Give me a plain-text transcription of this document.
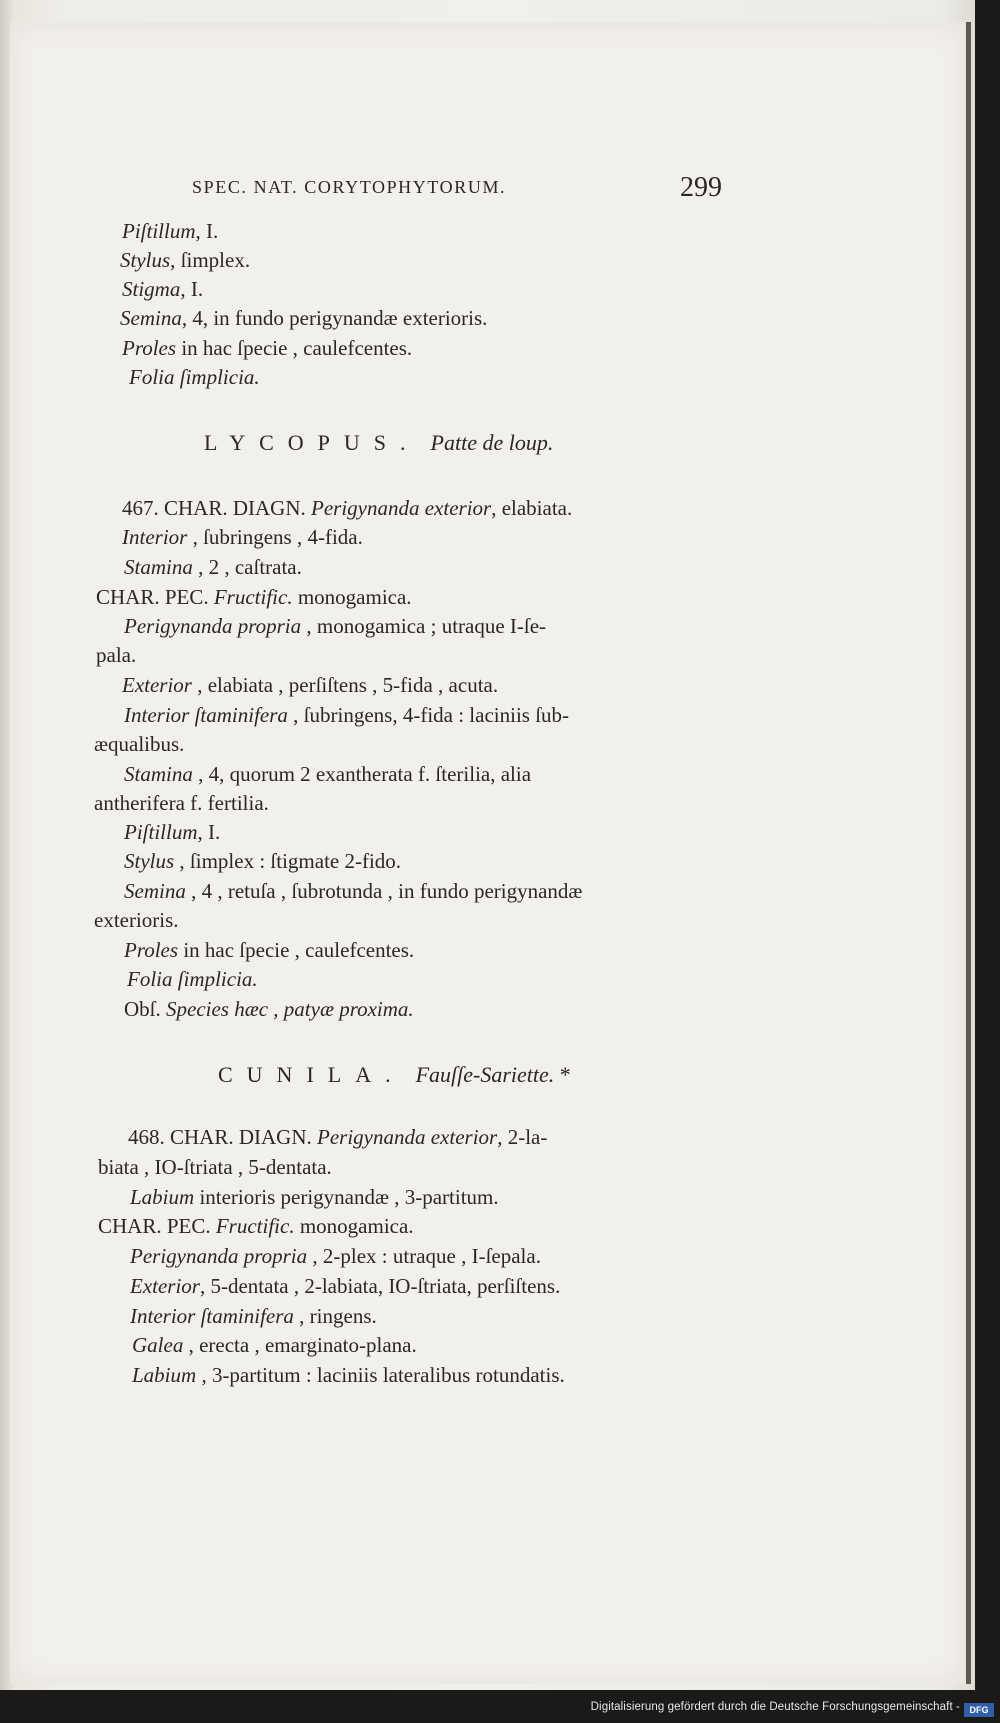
SPEC. NAT. CORYTOPHYTORUM.	299
Piſtillum, I.
Stylus, ſimplex.
Stigma, I.
Semina, 4, in fundo perigynandæ exterioris.
Proles in hac ſpecie , caulefcentes.
Folia ſimplicia.
LYCOPUS. Patte de loup.
467. CHAR. DIAGN. Perigynanda exterior, elabiata.
Interior , ſubringens , 4-fida.
Stamina , 2 , caſtrata.
CHAR. PEC. Fructific. monogamica.
Perigynanda propria , monogamica ; utraque I-ſe-
pala.
Exterior , elabiata , perſiſtens , 5-fida , acuta.
Interior ſtaminifera , ſubringens, 4-fida : laciniis ſub-
æqualibus.
Stamina , 4, quorum 2 exantherata f. ſterilia, alia
antherifera f. fertilia.
Piſtillum, I.
Stylus , ſimplex : ſtigmate 2-fido.
Semina , 4 , retuſa , ſubrotunda , in fundo perigynandæ
exterioris.
Proles in hac ſpecie , caulefcentes.
Folia ſimplicia.
Obſ. Species hæc , patyæ proxima.
CUNILA. Fauſſe-Sariette. *
468. CHAR. DIAGN. Perigynanda exterior, 2-la-
biata , IO-ſtriata , 5-dentata.
Labium interioris perigynandæ , 3-partitum.
CHAR. PEC. Fructific. monogamica.
Perigynanda propria , 2-plex : utraque , I-ſepala.
Exterior, 5-dentata , 2-labiata, IO-ſtriata, perſiſtens.
Interior ſtaminifera , ringens.
Galea , erecta , emarginato-plana.
Labium , 3-partitum : laciniis lateralibus rotundatis.
Digitalisierung gefördert durch die Deutsche Forschungsgemeinschaft -	DFG
